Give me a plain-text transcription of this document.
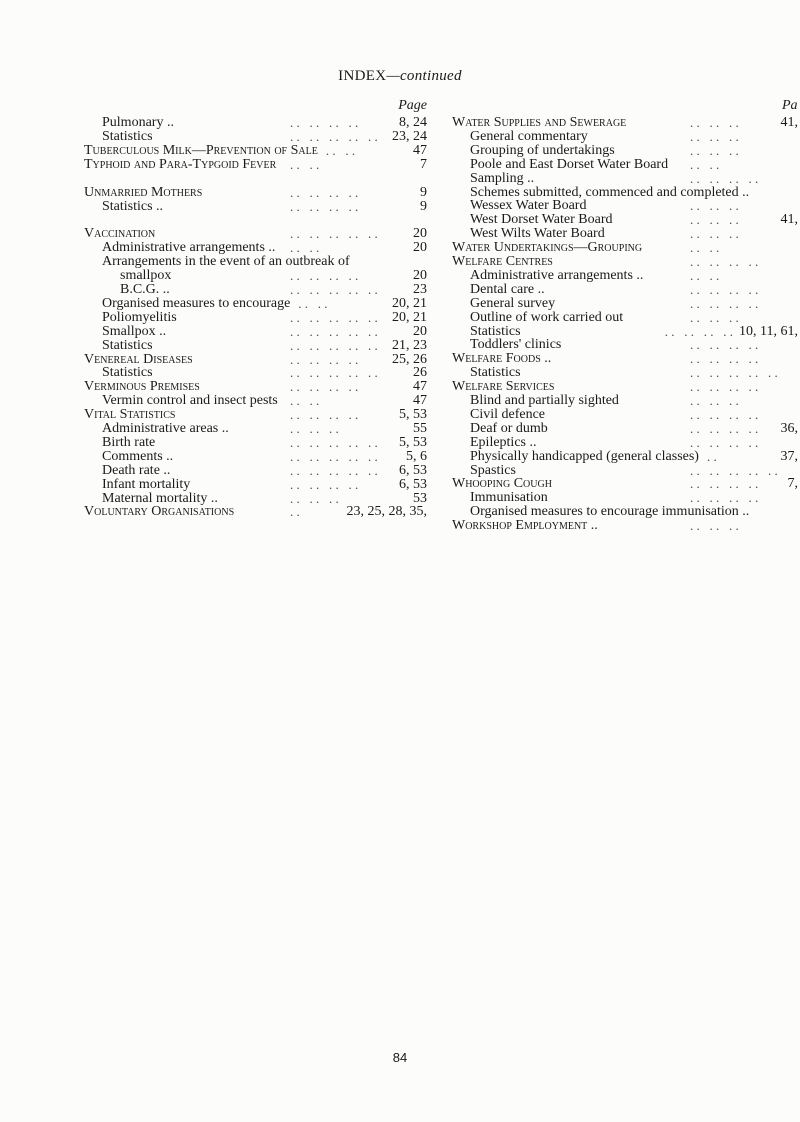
INDEX—continued
Page	Pa
Pulmonary ..	. .   . .   . .   . .	8, 24
Statistics	. .   . .   . .   . .   . . 23, 24
Tuberculous Milk—Prevention of Sale . .   . .	47
Typhoid and Para-Typgoid Fever . .   . .	7
Unmarried Mothers	. .   . .   . .   . .	9
Statistics ..	. .   . .   . .   . .	9
Vaccination	. .   . .   . .   . .   . .	20
Administrative arrangements .. . .   . .	20
Arrangements in the event of an outbreak of
smallpox	. .   . .   . .   . .	20
B.C.G. ..	. .   . .   . .   . .   . .	23
Organised measures to encourage . .   . .	20, 21
Poliomyelitis	. .   . .   . .   . .   . . 20, 21
Smallpox ..	. .   . .   . .   . .   . .	20
Statistics	. .   . .   . .   . .   . . 21, 23
Venereal Diseases	. .   . .   . .   . . 25, 26
Statistics	. .   . .   . .   . .   . .	26
Verminous Premises	. .   . .   . .   . .	47
Vermin control and insect pests . .   . .	47
Vital Statistics	. .   . .   . .   . .	5, 53
Administrative areas ..	. .   . .   . .	55
Birth rate	. .   . .   . .   . .   . . 5, 53
Comments ..	. .   . .   . .   . .   . . 5, 6
Death rate ..	. .   . .   . .   . .   . . 6, 53
Infant mortality	. .   . .   . .   . .	6, 53
Maternal mortality ..	. .   . .   . .	53
Voluntary Organisations	. .	23, 25, 28, 35,
Water Supplies and Sewerage	. .   . .   . .	41,
General commentary	. .   . .   . .
Grouping of undertakings	. .   . .   . .
Poole and East Dorset Water Board . .   . .
Sampling ..	. .   . .   . .   . .
Schemes submitted, commenced and completed ..
Wessex Water Board	. .   . .   . .
West Dorset Water Board	. .   . .   . .	41,
West Wilts Water Board	. .   . .   . .
Water Undertakings—Grouping	. .   . .
Welfare Centres	. .   . .   . .   . .
Administrative arrangements ..	. .   . .
Dental care ..	. .   . .   . .   . .
General survey	. .   . .   . .   . .
Outline of work carried out	. .   . .   . .
Statistics	. .   . .   . .   . . 10, 11, 61,
Toddlers' clinics	. .   . .   . .   . .
Welfare Foods ..	. .   . .   . .   . .
Statistics	. .   . .   . .   . .   . .
Welfare Services	. .   . .   . .   . .
Blind and partially sighted	. .   . .   . .
Civil defence	. .   . .   . .   . .
Deaf or dumb	. .   . .   . .   . . 36,
Epileptics ..	. .   . .   . .   . .
Physically handicapped (general classes) . .	37,
Spastics	. .   . .   . .   . .   . .
Whooping Cough	. .   . .   . .   . . 7,
Immunisation	. .   . .   . .   . .
Organised measures to encourage immunisation ..
Workshop Employment ..	. .   . .   . .
84
